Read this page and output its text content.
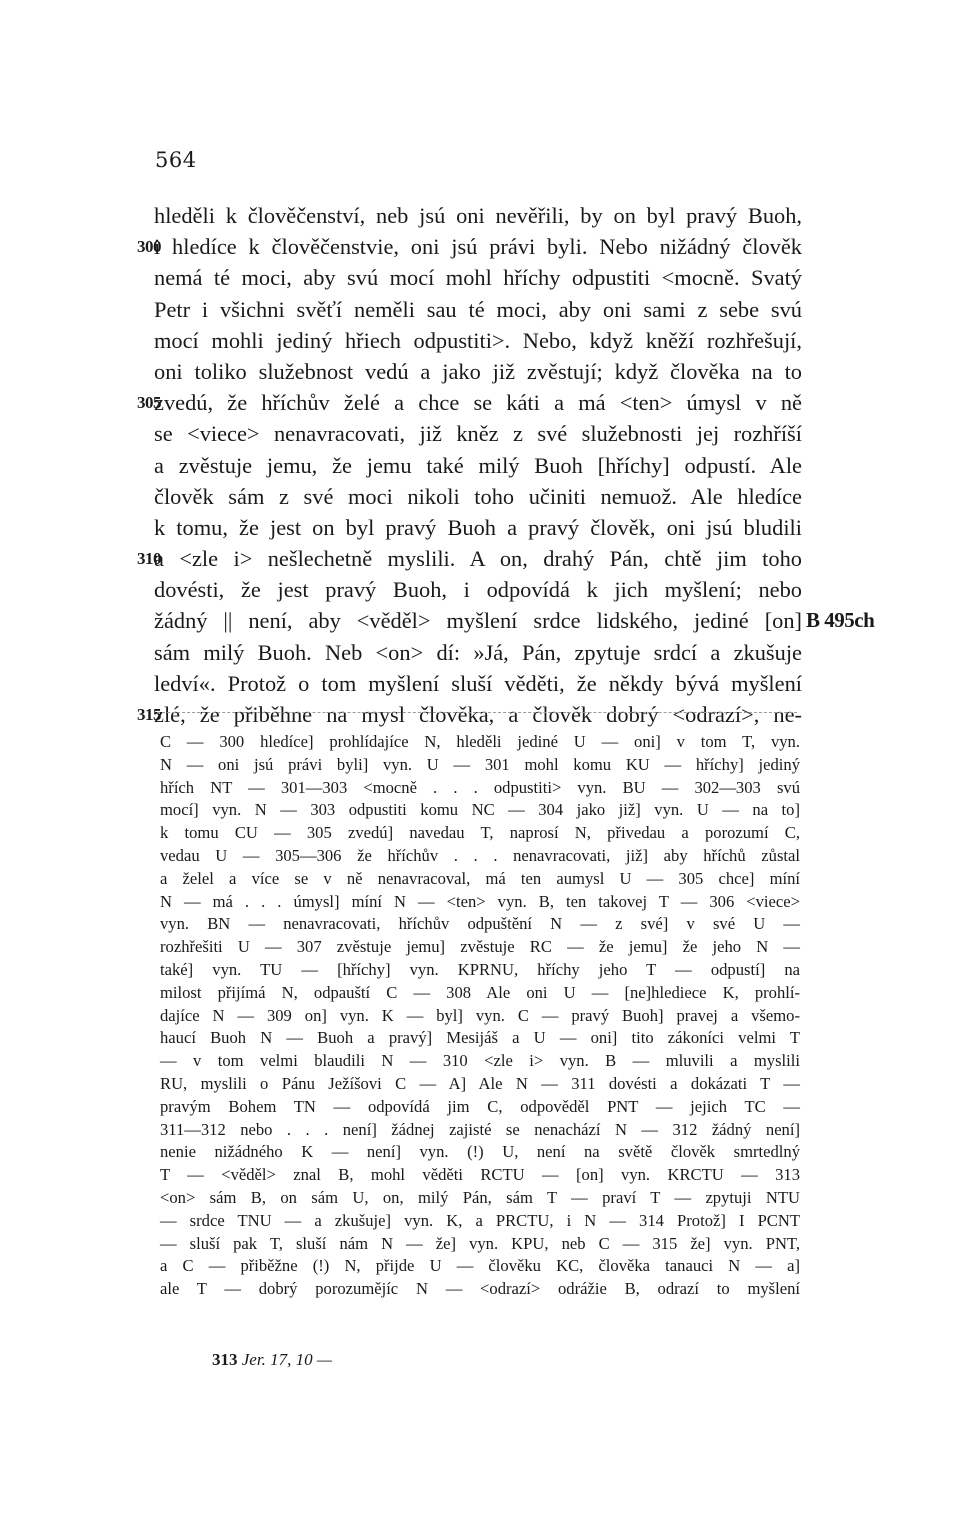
564
hleděli k člověčenství, neb jsú oni nevěřili, by on byl pravý Buoh,
300
i hledíce k člověčenstvie, oni jsú právi byli. Nebo nižádný člověk
nemá té moci, aby svú mocí mohl hříchy odpustiti <mocně. Svatý
Petr i všichni svěťí neměli sau té moci, aby oni sami z sebe svú
mocí mohli jediný hřiech odpustiti>. Nebo, když kněží rozhřešují,
oni toliko služebnost vedú a jako již zvěstují; když člověka na to
305
zvedú, že hříchův želé a chce se káti a má <ten> úmysl v ně
se <viece> nenavracovati, již kněz z své služebnosti jej rozhříší
a zvěstuje jemu, že jemu také milý Buoh [hříchy] odpustí. Ale
člověk sám z své moci nikoli toho učiniti nemuož. Ale hledíce
k tomu, že jest on byl pravý Buoh a pravý člověk, oni jsú bludili
310
a <zle i> nešlechetně myslili. A on, drahý Pán, chtě jim toho
dovésti, že jest pravý Buoh, i odpovídá k jich myšlení; nebo
žádný || není, aby <věděl> myšlení srdce lidského, jediné [on] B 495ch
sám milý Buoh. Neb <on> dí: »Já, Pán, zpytuje srdcí a zkušuje
ledví«. Protož o tom myšlení sluší věděti, že někdy bývá myšlení
315
zlé, že přiběhne na mysl člověka, a člověk dobrý <odrazí>, ne-
C — 300 hledíce] prohlídajíce N, hleděli jediné U — oni] v tom T, vyn.
N — oni jsú právi byli] vyn. U — 301 mohl komu KU — hříchy] jediný
hřích NT — 301—303 <mocně . . . odpustiti> vyn. BU — 302—303 svú
mocí] vyn. N — 303 odpustiti komu NC — 304 jako již] vyn. U — na to]
k tomu CU — 305 zvedú] navedau T, naprosí N, přivedau a porozumí C,
vedau U — 305—306 že hříchův . . . nenavracovati, již] aby hříchů zůstal
a želel a více se v ně nenavracoval, má ten aumysl U — 305 chce] míní
N — má . . . úmysl] míní N — <ten> vyn. B, ten takovej T — 306 <viece>
vyn. BN — nenavracovati, hříchův odpuštění N — z své] v své U —
rozhřešiti U — 307 zvěstuje jemu] zvěstuje RC — že jemu] že jeho N —
také] vyn. TU — [hříchy] vyn. KPRNU, hříchy jeho T — odpustí] na
milost přijímá N, odpauští C — 308 Ale oni U — [ne]hlediece K, prohlí-
dajíce N — 309 on] vyn. K — byl] vyn. C — pravý Buoh] pravej a všemo-
haucí Buoh N — Buoh a pravý] Mesijáš a U — oni] tito zákoníci velmi T
— v tom velmi blaudili N — 310 <zle i> vyn. B — mluvili a myslili
RU, myslili o Pánu Ježíšovi C — A] Ale N — 311 dovésti a dokázati T —
pravým Bohem TN — odpovídá jim C, odpověděl PNT — jejich TC —
311—312 nebo . . . není] žádnej zajisté se nenachází N — 312 žádný není]
nenie nižádného K — není] vyn. (!) U, není na světě člověk smrtedlný
T — <věděl> znal B, mohl věděti RCTU — [on] vyn. KRCTU — 313
<on> sám B, on sám U, on, milý Pán, sám T — praví T — zpytuji NTU
— srdce TNU — a zkušuje] vyn. K, a PRCTU, i N — 314 Protož] I PCNT
— sluší pak T, sluší nám N — že] vyn. KPU, neb C — 315 že] vyn. PNT,
a C — přiběžne (!) N, přijde U — člověku KC, člověka tanauci N — a]
ale T — dobrý porozumějíc N — <odrazí> odrážie B, odrazí to myšlení
313 Jer. 17, 10 —
